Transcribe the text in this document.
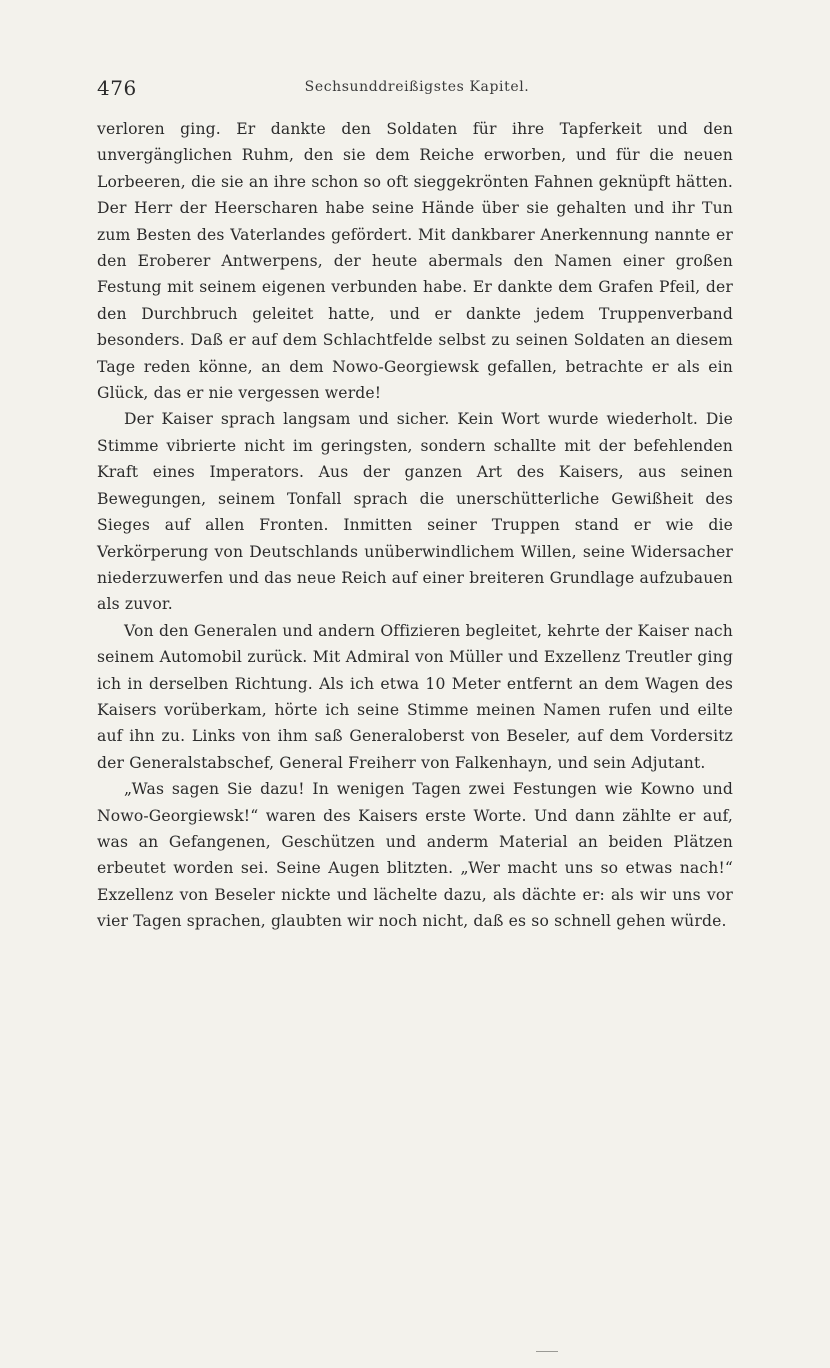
476	Sechsunddreißigstes Kapitel.

verloren ging. Er dankte den Soldaten für ihre Tapferkeit und den unvergänglichen Ruhm, den sie dem Reiche erworben, und für die neuen Lorbeeren, die sie an ihre schon so oft sieggekrönten Fahnen geknüpft hätten. Der Herr der Heerscharen habe seine Hände über sie gehalten und ihr Tun zum Besten des Vaterlandes gefördert. Mit dankbarer Anerkennung nannte er den Eroberer Antwerpens, der heute abermals den Namen einer großen Festung mit seinem eigenen verbunden habe. Er dankte dem Grafen Pfeil, der den Durchbruch geleitet hatte, und er dankte jedem Truppenverband besonders. Daß er auf dem Schlachtfelde selbst zu seinen Soldaten an diesem Tage reden könne, an dem Nowo-Georgiewsk gefallen, betrachte er als ein Glück, das er nie vergessen werde!

Der Kaiser sprach langsam und sicher. Kein Wort wurde wiederholt. Die Stimme vibrierte nicht im geringsten, sondern schallte mit der befehlenden Kraft eines Imperators. Aus der ganzen Art des Kaisers, aus seinen Bewegungen, seinem Tonfall sprach die unerschütterliche Gewißheit des Sieges auf allen Fronten. Inmitten seiner Truppen stand er wie die Verkörperung von Deutschlands unüberwindlichem Willen, seine Widersacher niederzuwerfen und das neue Reich auf einer breiteren Grundlage aufzubauen als zuvor.

Von den Generalen und andern Offizieren begleitet, kehrte der Kaiser nach seinem Automobil zurück. Mit Admiral von Müller und Exzellenz Treutler ging ich in derselben Richtung. Als ich etwa 10 Meter entfernt an dem Wagen des Kaisers vorüberkam, hörte ich seine Stimme meinen Namen rufen und eilte auf ihn zu. Links von ihm saß Generaloberst von Beseler, auf dem Vordersitz der Generalstabschef, General Freiherr von Falkenhayn, und sein Adjutant.

„Was sagen Sie dazu! In wenigen Tagen zwei Festungen wie Kowno und Nowo-Georgiewsk!“ waren des Kaisers erste Worte. Und dann zählte er auf, was an Gefangenen, Geschützen und anderm Material an beiden Plätzen erbeutet worden sei. Seine Augen blitzten. „Wer macht uns so etwas nach!“ Exzellenz von Beseler nickte und lächelte dazu, als dächte er: als wir uns vor vier Tagen sprachen, glaubten wir noch nicht, daß es so schnell gehen würde.
